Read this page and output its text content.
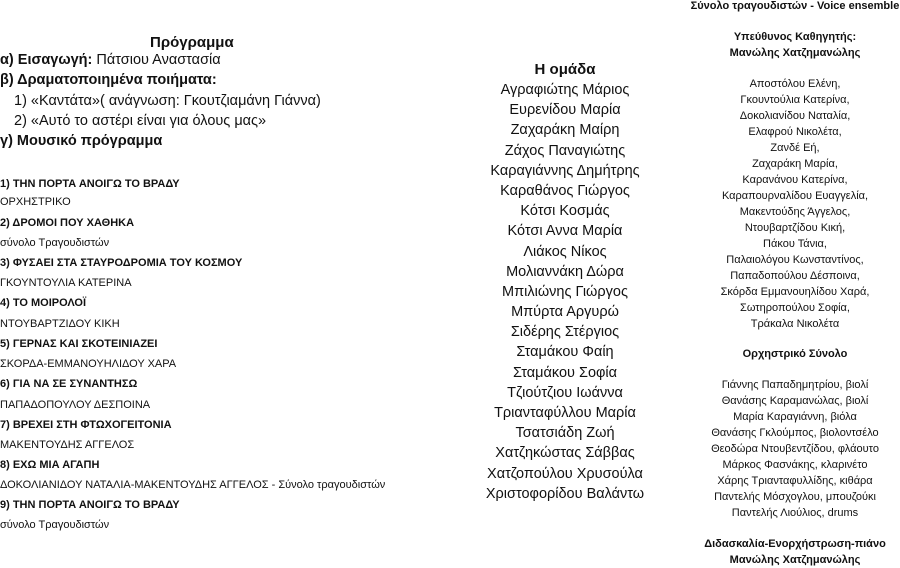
Πρόγραμμα
α) Εισαγωγή: Πάτσιου Αναστασία
β) Δραματοποιημένα ποιήματα:
1) «Καντάτα»( ανάγνωση: Γκουτζιαμάνη Γιάννα)
2) «Αυτό το αστέρι είναι για όλους μας»
γ) Μουσικό πρόγραμμα
1) ΤΗΝ ΠΟΡΤΑ ΑΝΟΙΓΩ ΤΟ ΒΡΑΔΥ
ΟΡΧΗΣΤΡΙΚΟ
2) ΔΡΟΜΟΙ ΠΟΥ ΧΑΘΗΚΑ
σύνολο Τραγουδιστών
3) ΦΥΣΑΕΙ ΣΤΑ ΣΤΑΥΡΟΔΡΟΜΙΑ ΤΟΥ ΚΟΣΜΟΥ
ΓΚΟΥΝΤΟΥΛΙΑ ΚΑΤΕΡΙΝΑ
4) ΤΟ ΜΟΙΡΟΛΟΪ
ΝΤΟΥΒΑΡΤΖΙΔΟΥ ΚΙΚΗ
5) ΓΕΡΝΑΣ ΚΑΙ ΣΚΟΤΕΙΝΙΑΖΕΙ
ΣΚΟΡΔΑ-ΕΜΜΑΝΟΥΗΛΙΔΟΥ ΧΑΡΑ
6) ΓΙΑ ΝΑ ΣΕ ΣΥΝΑΝΤΗΣΩ
ΠΑΠΑΔΟΠΟΥΛΟΥ ΔΕΣΠΟΙΝΑ
7) ΒΡΕΧΕΙ ΣΤΗ ΦΤΩΧΟΓΕΙΤΟΝΙΑ
ΜΑΚΕΝΤΟΥΔΗΣ ΑΓΓΕΛΟΣ
8) ΕΧΩ ΜΙΑ ΑΓΑΠΗ
ΔΟΚΟΛΙΑΝΙΔΟΥ ΝΑΤΑΛΙΑ-ΜΑΚΕΝΤΟΥΔΗΣ ΑΓΓΕΛΟΣ - Σύνολο τραγουδιστών
9) ΤΗΝ ΠΟΡΤΑ ΑΝΟΙΓΩ ΤΟ ΒΡΑΔΥ
σύνολο Τραγουδιστών
Η ομάδα
Αγραφιώτης Μάριος
Ευρενίδου Μαρία
Ζαχαράκη Μαίρη
Ζάχος Παναγιώτης
Καραγιάννης Δημήτρης
Καραθάνος Γιώργος
Κότσι Κοσμάς
Κότσι Αννα Μαρία
Λιάκος Νίκος
Μολιαννάκη Δώρα
Μπιλιώνης Γιώργος
Μπύρτα Αργυρώ
Σιδέρης Στέργιος
Σταμάκου Φαίη
Σταμάκου Σοφία
Τζιούτζιου Ιωάννα
Τριανταφύλλου Μαρία
Τσατσιάδη Ζωή
Χατζηκώστας Σάββας
Χατζοπούλου Χρυσούλα
Χριστοφορίδου Βαλάντω
Σύνολο τραγουδιστών - Voice ensemble
Υπεύθυνος Καθηγητής:
Μανώλης Χατζημανώλης
Αποστόλου Ελένη,
Γκουντούλια Κατερίνα,
Δοκολιανίδου Ναταλία,
Ελαφρού Νικολέτα,
Ζανδέ Εή,
Ζαχαράκη Μαρία,
Καρανάνου Κατερίνα,
Καραπουρναλίδου Ευαγγελία,
Μακεντούδης Άγγελος,
Ντουβαρτζίδου Κική,
Πάκου Τάνια,
Παλαιολόγου Κωνσταντίνος,
Παπαδοπούλου Δέσποινα,
Σκόρδα Εμμανουηλίδου Χαρά,
Σωτηροπούλου Σοφία,
Τράκαλα Νικολέτα
Ορχηστρικό Σύνολο
Γιάννης Παπαδημητρίου, βιολί
Θανάσης Καραμανώλας, βιολί
Μαρία Καραγιάννη, βιόλα
Θανάσης Γκλούμπος, βιολοντσέλο
Θεοδώρα Ντουβεντζίδου, φλάουτο
Μάρκος Φασνάκης, κλαρινέτο
Χάρης Τριανταφυλλίδης, κιθάρα
Παντελής Μόσχογλου, μπουζούκι
Παντελής Λιούλιος, drums
Διδασκαλία-Ενορχήστρωση-πιάνο
Μανώλης Χατζημανώλης
